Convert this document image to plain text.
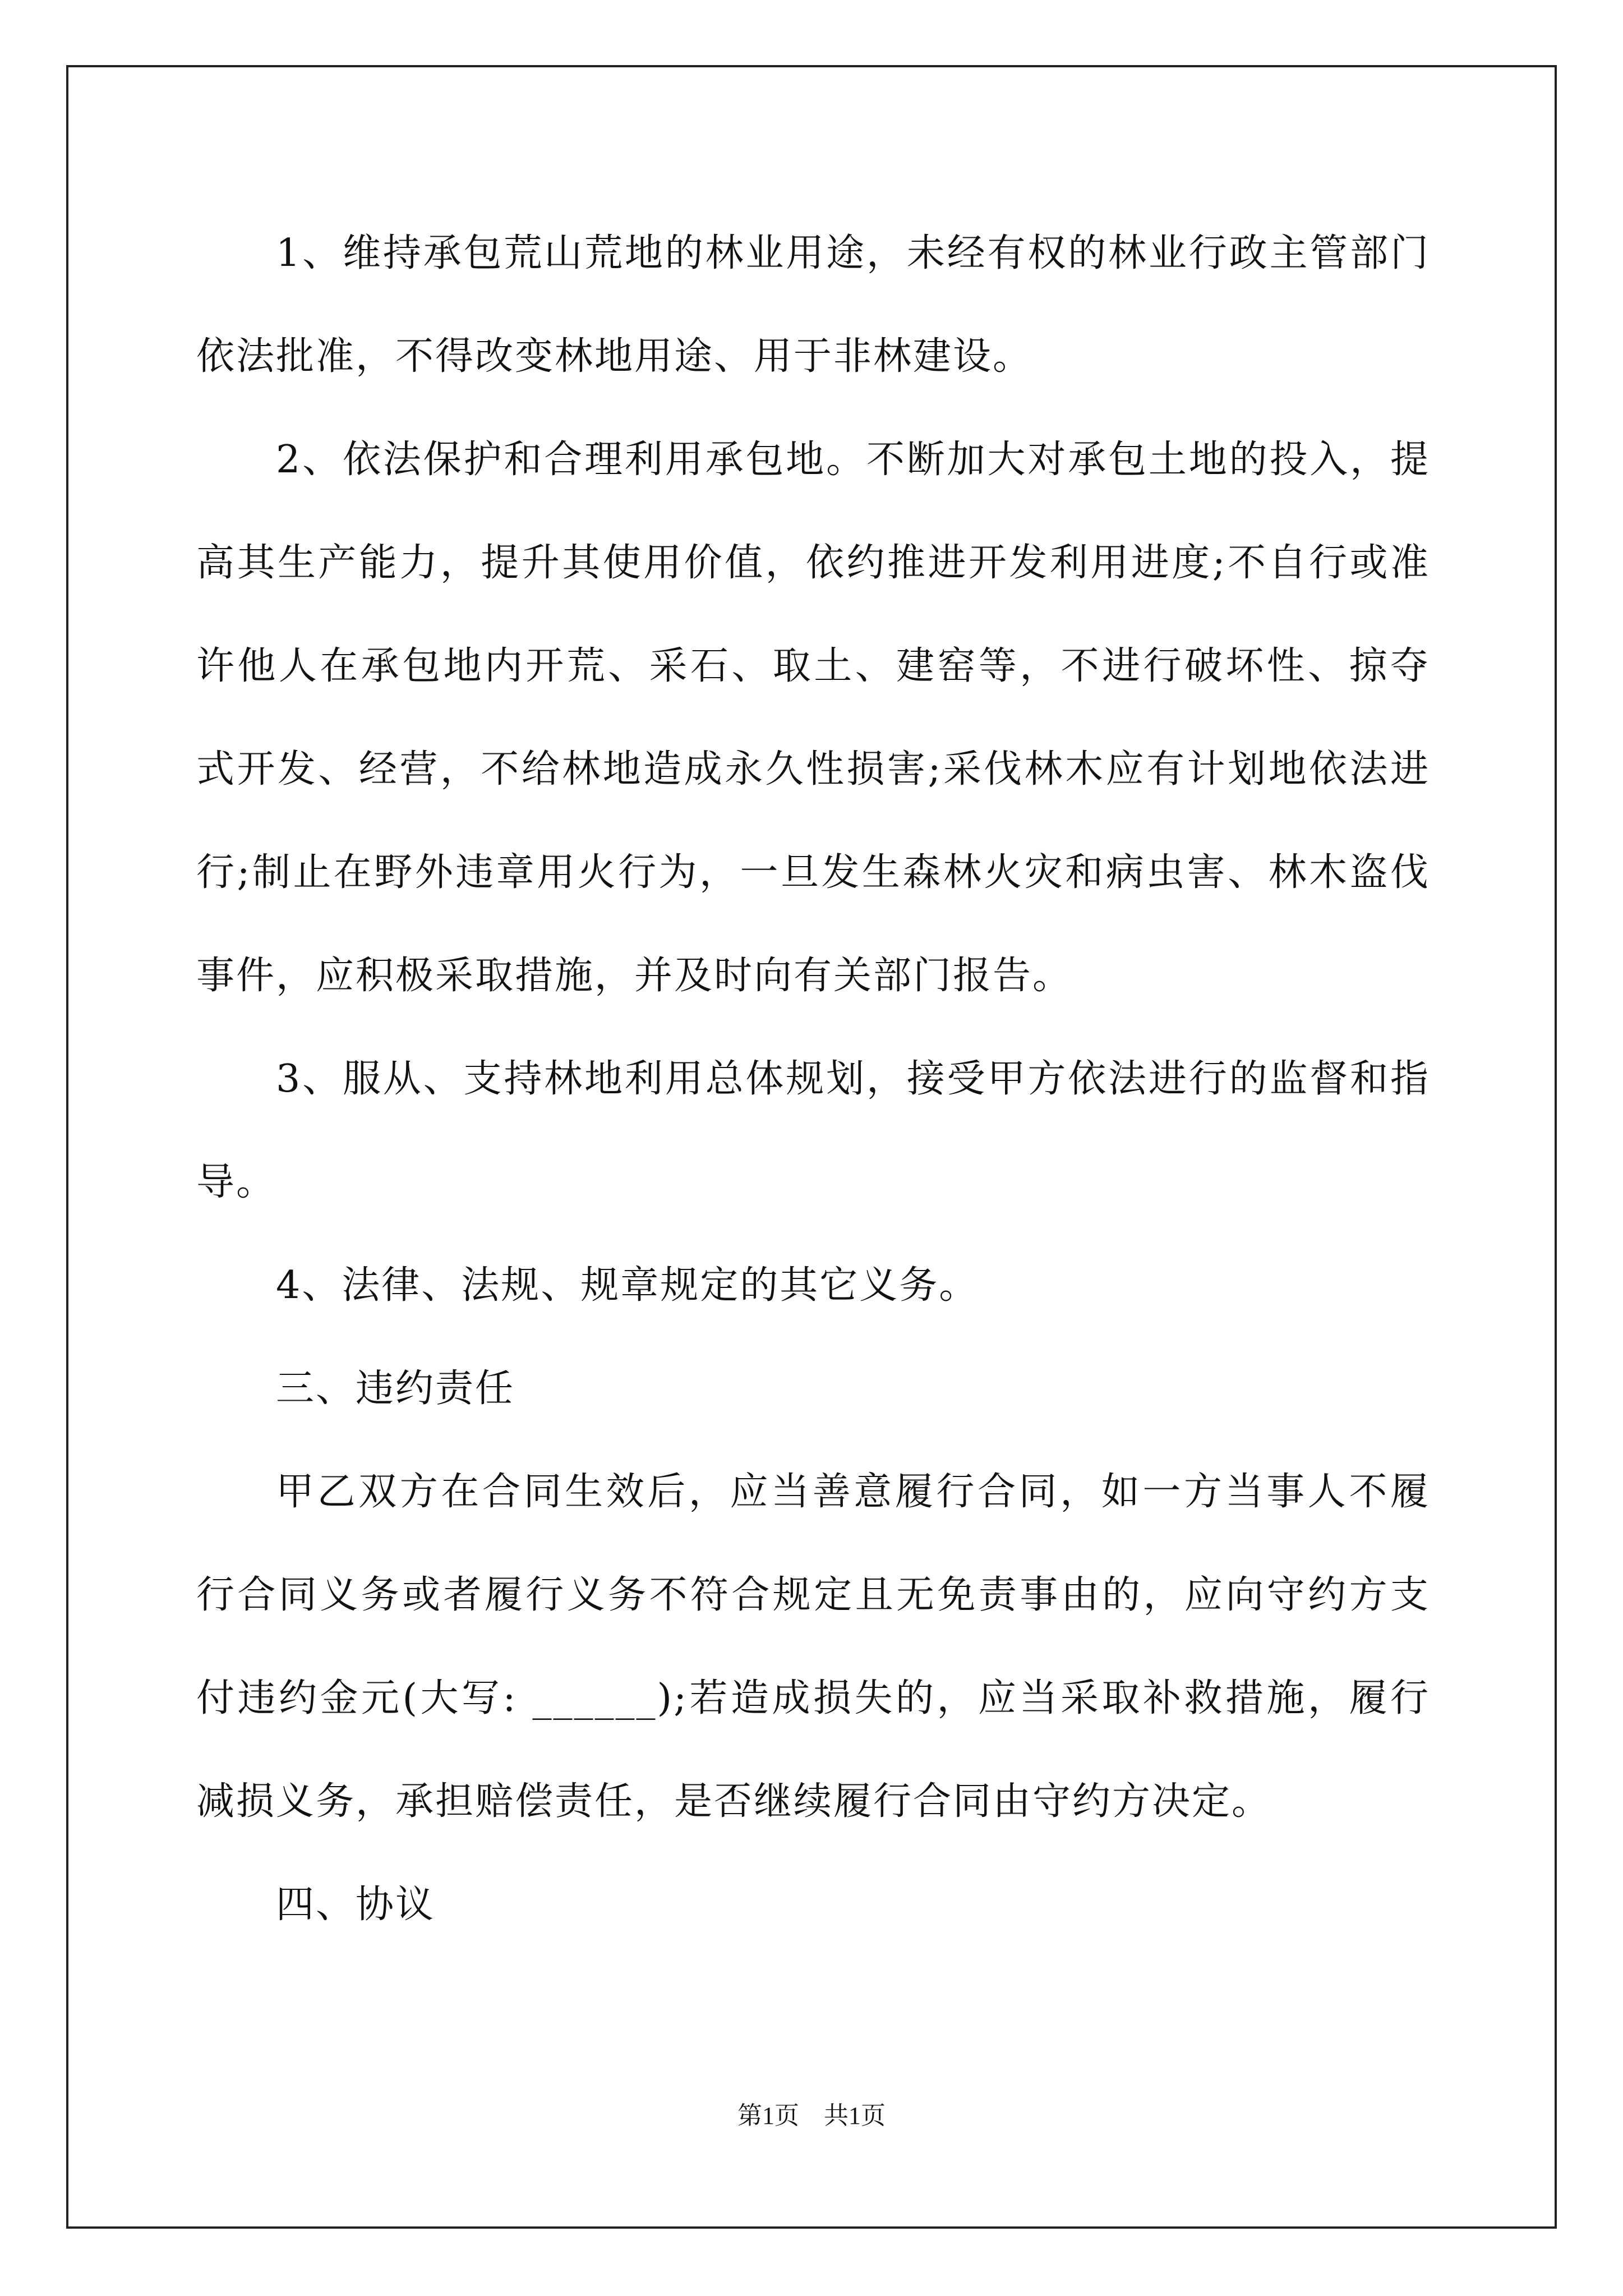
1、维持承包荒山荒地的林业用途，未经有权的林业行政主管部门依法批准，不得改变林地用途、用于非林建设。

2、依法保护和合理利用承包地。不断加大对承包土地的投入，提高其生产能力，提升其使用价值，依约推进开发利用进度;不自行或准许他人在承包地内开荒、采石、取土、建窑等，不进行破坏性、掠夺式开发、经营，不给林地造成永久性损害;采伐林木应有计划地依法进行;制止在野外违章用火行为，一旦发生森林火灾和病虫害、林木盗伐事件，应积极采取措施，并及时向有关部门报告。

3、服从、支持林地利用总体规划，接受甲方依法进行的监督和指导。

4、法律、法规、规章规定的其它义务。

三、违约责任

甲乙双方在合同生效后，应当善意履行合同，如一方当事人不履行合同义务或者履行义务不符合规定且无免责事由的，应向守约方支付违约金元(大写: ______);若造成损失的，应当采取补救措施，履行减损义务，承担赔偿责任，是否继续履行合同由守约方决定。

四、协议

第1页　共1页
